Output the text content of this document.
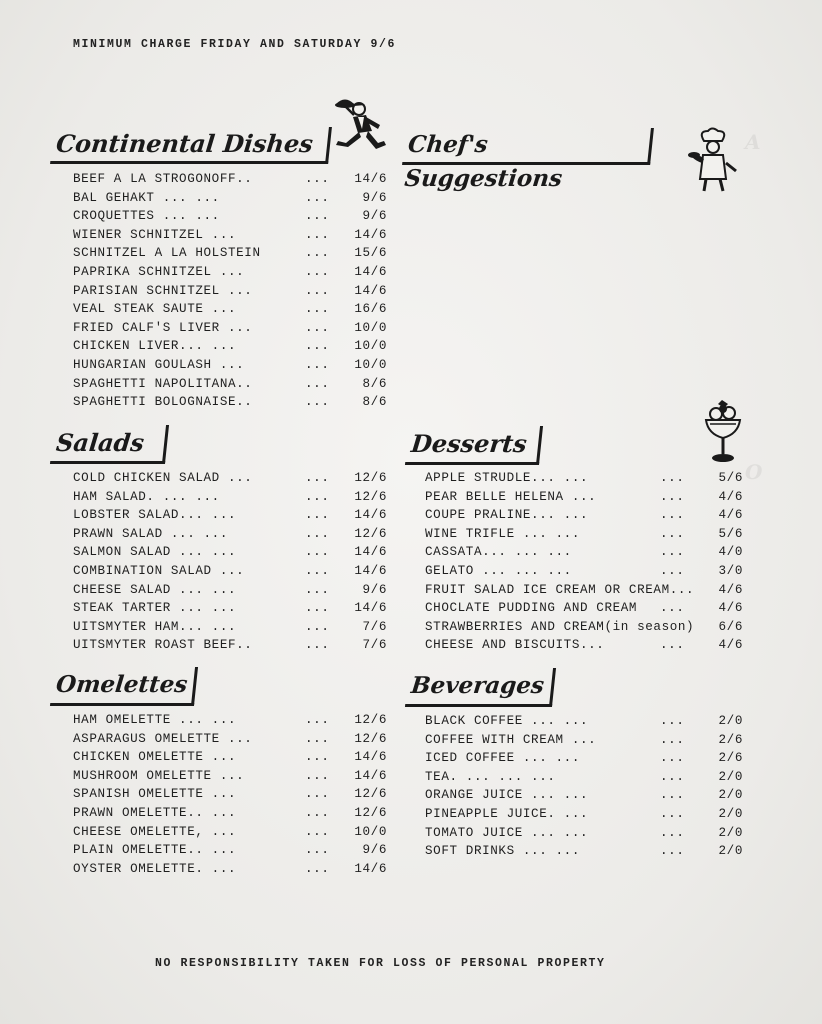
A
O
MINIMUM CHARGE FRIDAY AND SATURDAY 9/6
Continental Dishes	Chef's Suggestions
BEEF A LA STROGONOFF..	... 14/6
BAL GEHAKT ... ...	...	9/6
CROQUETTES ... ...	...	9/6
WIENER SCHNITZEL ...	... 14/6
SCHNITZEL A LA HOLSTEIN	... 15/6
PAPRIKA SCHNITZEL ...	... 14/6
PARISIAN SCHNITZEL ...	... 14/6
VEAL STEAK SAUTE ...	... 16/6
FRIED CALF'S LIVER ...	... 10/0
CHICKEN LIVER... ...	... 10/0
HUNGARIAN GOULASH ...	... 10/0
SPAGHETTI NAPOLITANA..	...	8/6
SPAGHETTI BOLOGNAISE..	...	8/6
Salads
COLD CHICKEN SALAD ...	... 12/6
HAM SALAD. ... ...	... 12/6
LOBSTER SALAD... ...	... 14/6
PRAWN SALAD ... ...	... 12/6
SALMON SALAD ... ...	... 14/6
COMBINATION SALAD ...	... 14/6
CHEESE SALAD ... ...	...	9/6
STEAK TARTER ... ...	... 14/6
UITSMYTER HAM... ...	...	7/6
UITSMYTER ROAST BEEF..	...	7/6
Desserts
APPLE STRUDLE... ...	...	5/6
PEAR BELLE HELENA ...	...	4/6
COUPE PRALINE... ...	...	4/6
WINE TRIFLE ... ...	...	5/6
CASSATA... ... ...	...	4/0
GELATO ... ... ...	...	3/0
FRUIT SALAD ICE CREAM OR CREAM... 4/6
CHOCLATE PUDDING AND CREAM ...	4/6
STRAWBERRIES AND CREAM(in season) 6/6
CHEESE AND BISCUITS...	...	4/6
Omelettes
HAM OMELETTE ... ...	... 12/6
ASPARAGUS OMELETTE ...	... 12/6
CHICKEN OMELETTE ...	... 14/6
MUSHROOM OMELETTE ...	... 14/6
SPANISH OMELETTE ...	... 12/6
PRAWN OMELETTE.. ...	... 12/6
CHEESE OMELETTE, ...	... 10/0
PLAIN OMELETTE.. ...	...	9/6
OYSTER OMELETTE. ...	... 14/6
Beverages
BLACK COFFEE ... ...	...	2/0
COFFEE WITH CREAM ...	...	2/6
ICED COFFEE ... ...	...	2/6
TEA. ... ... ...	...	2/0
ORANGE JUICE ... ...	...	2/0
PINEAPPLE JUICE. ...	...	2/0
TOMATO JUICE ... ...	...	2/0
SOFT DRINKS ... ...	...	2/0
NO RESPONSIBILITY TAKEN FOR LOSS OF PERSONAL PROPERTY
